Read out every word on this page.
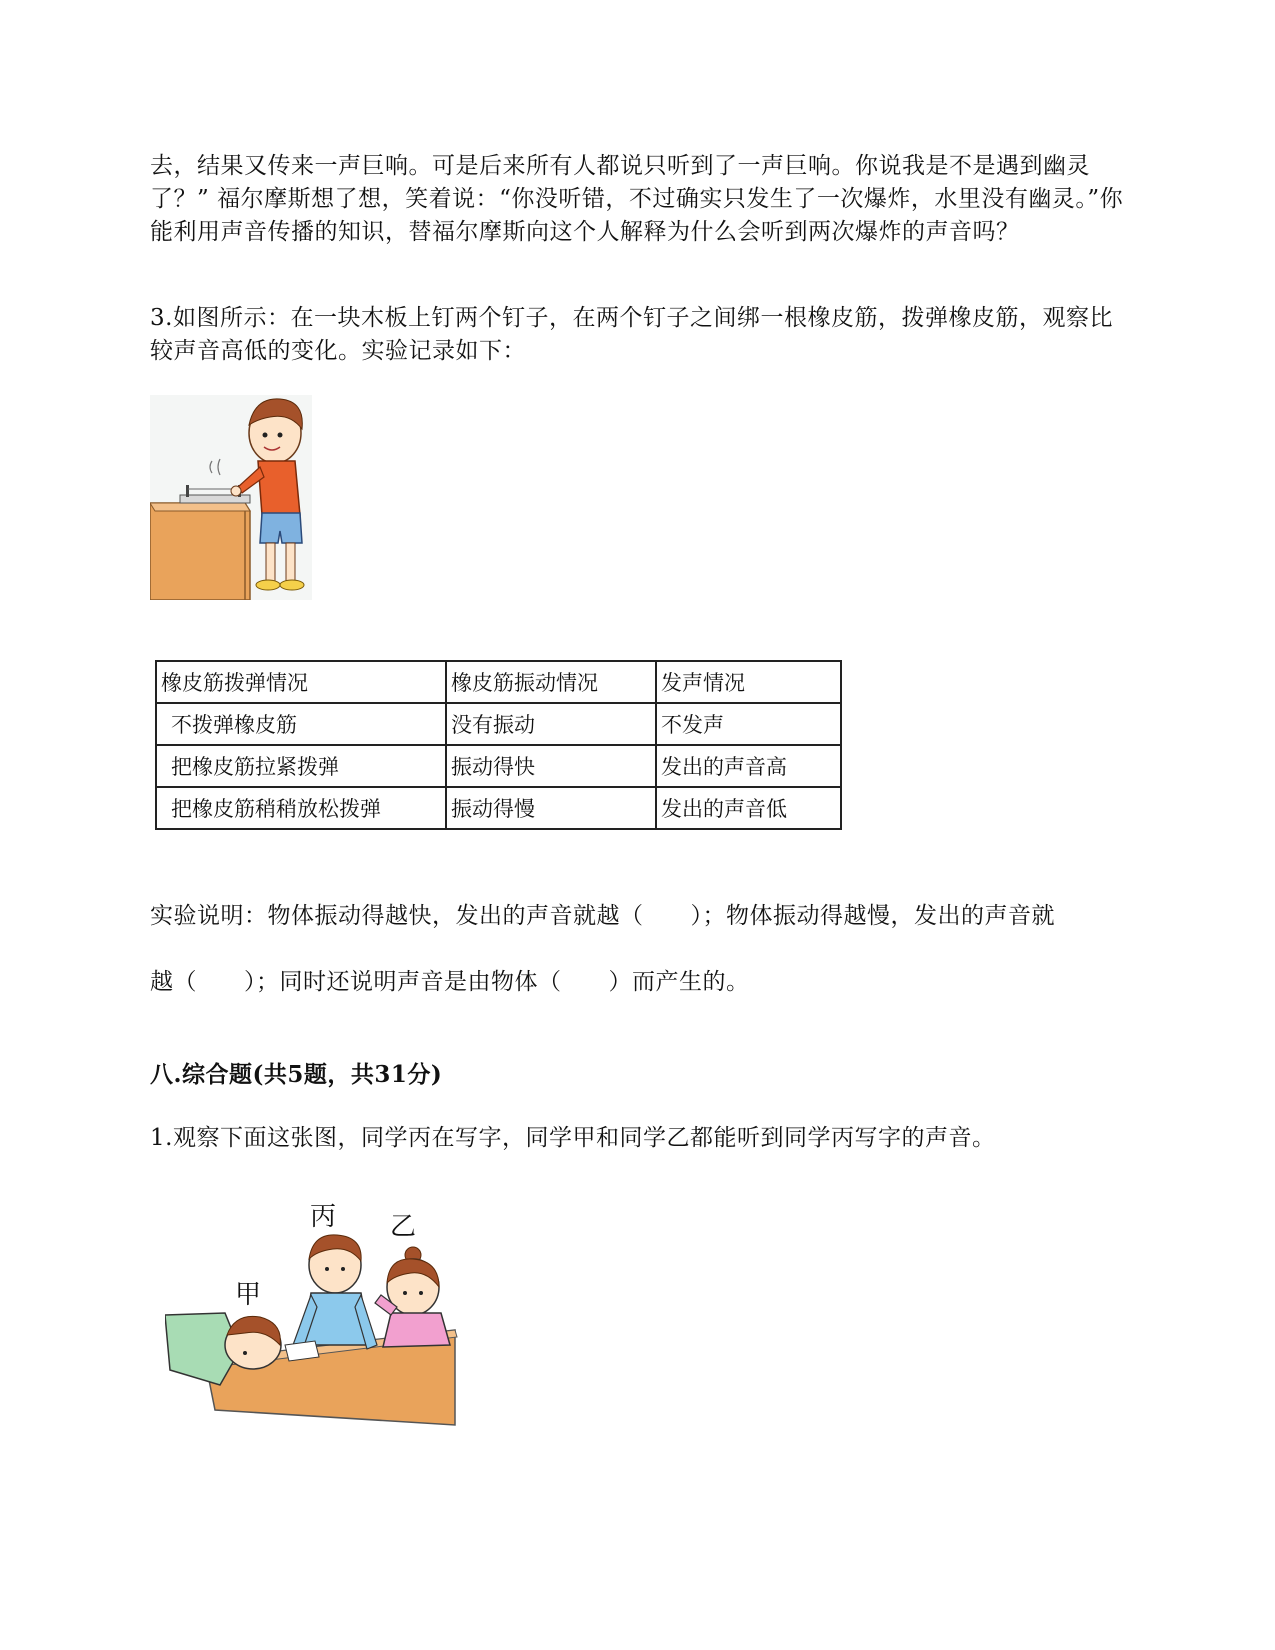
去，结果又传来一声巨响。可是后来所有人都说只听到了一声巨响。你说我是不是遇到幽灵了？” 福尔摩斯想了想，笑着说：“你没听错，不过确实只发生了一次爆炸，水里没有幽灵。”你能利用声音传播的知识，替福尔摩斯向这个人解释为什么会听到两次爆炸的声音吗？

3.如图所示：在一块木板上钉两个钉子，在两个钉子之间绑一根橡皮筋，拨弹橡皮筋，观察比较声音高低的变化。实验记录如下：

橡皮筋拨弹情况	橡皮筋振动情况	发声情况
不拨弹橡皮筋	没有振动	不发声
把橡皮筋拉紧拨弹	振动得快	发出的声音高
把橡皮筋稍稍放松拨弹	振动得慢	发出的声音低

实验说明：物体振动得越快，发出的声音就越（　　）；物体振动得越慢，发出的声音就

越（　　）；同时还说明声音是由物体（　　）而产生的。

八.综合题(共5题，共31分)

1.观察下面这张图，同学丙在写字，同学甲和同学乙都能听到同学丙写字的声音。

丙 乙
甲
